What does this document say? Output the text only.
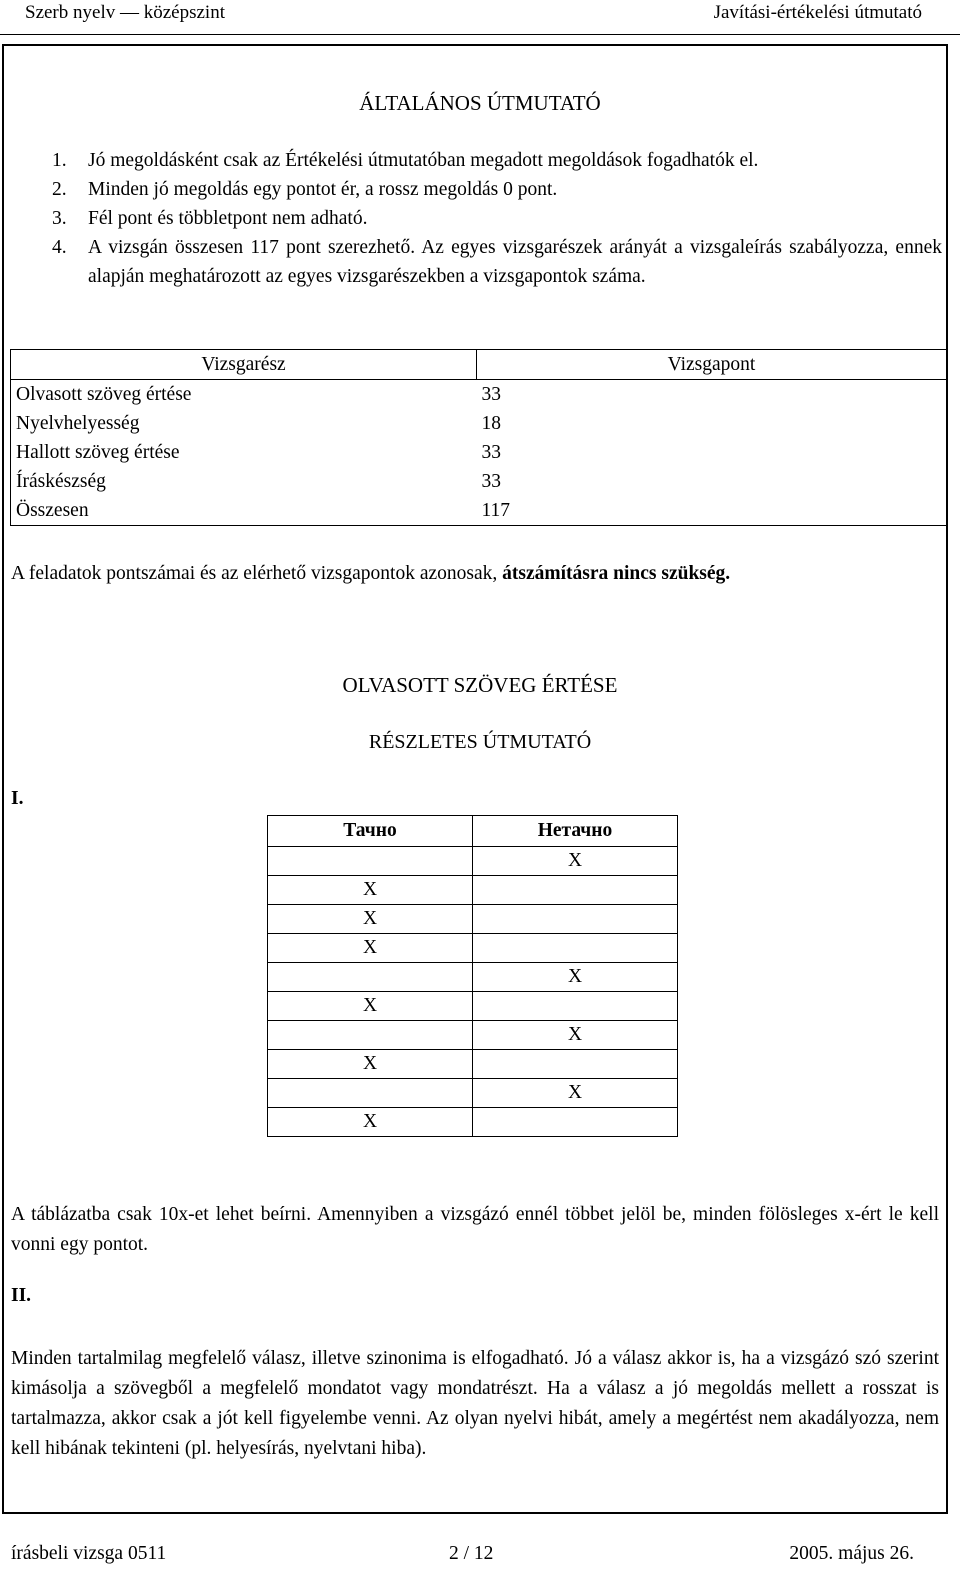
Szerb nyelv — középszint	Javítási-értékelési útmutató
ÁLTALÁNOS ÚTMUTATÓ
1. Jó megoldásként csak az Értékelési útmutatóban megadott megoldások fogadhatók el.
2. Minden jó megoldás egy pontot ér, a rossz megoldás 0 pont.
3. Fél pont és többletpont nem adható.
4. A vizsgán összesen 117 pont szerezhető. Az egyes vizsgarészek arányát a vizsgaleírás szabályozza, ennek alapján meghatározott az egyes vizsgarészekben a vizsgapontok száma.
Vizsgarész	Vizsgapont
Olvasott szöveg értése	33
Nyelvhelyesség	18
Hallott szöveg értése	33
Íráskészség	33
Összesen	117
A feladatok pontszámai és az elérhető vizsgapontok azonosak, átszámításra nincs szükség.
OLVASOTT SZÖVEG ÉRTÉSE
RÉSZLETES ÚTMUTATÓ
I.
Тачно	Нетачно
	X
X	
X	
X	
	X
X	
	X
X	
	X
X	
A táblázatba csak 10x-et lehet beírni. Amennyiben a vizsgázó ennél többet jelöl be, minden fölösleges x-ért le kell vonni egy pontot.
II.
Minden tartalmilag megfelelő válasz, illetve szinonima is elfogadható. Jó a válasz akkor is, ha a vizsgázó szó szerint kimásolja a szövegből a megfelelő mondatot vagy mondatrészt. Ha a válasz a jó megoldás mellett a rosszat is tartalmazza, akkor csak a jót kell figyelembe venni. Az olyan nyelvi hibát, amely a megértést nem akadályozza, nem kell hibának tekinteni (pl. helyesírás, nyelvtani hiba).
írásbeli vizsga 0511	2 / 12	2005. május 26.
